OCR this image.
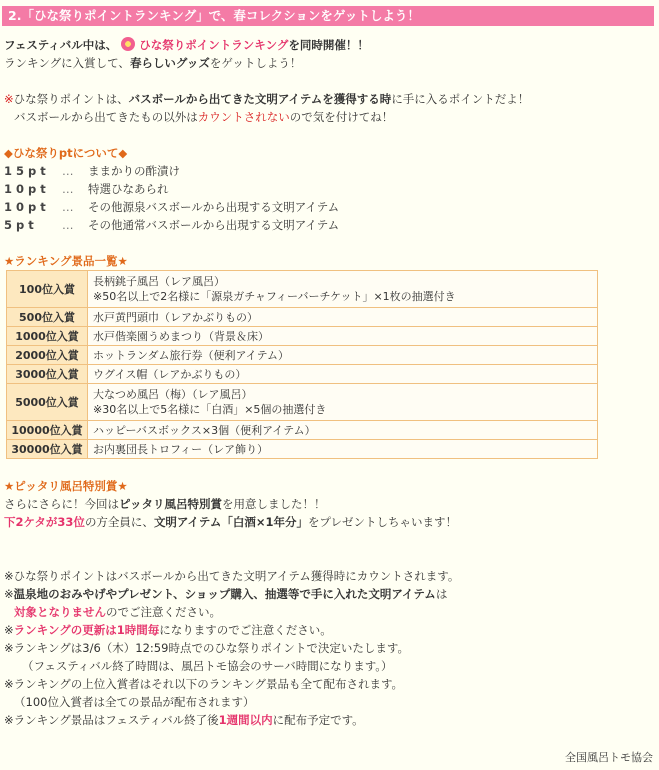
2.「ひな祭りポイントランキング」で、春コレクションをゲットしよう！
フェスティバル中は、 ひな祭りポイントランキングを同時開催！！
ランキングに入賞して、春らしいグッズをゲットしよう！
※ひな祭りポイントは、バスボールから出てきた文明アイテムを獲得する時に手に入るポイントだよ！
バスボールから出てきたもの以外はカウントされないので気を付けてね！
◆ひな祭りptについて◆
15pt … ままかりの酢漬け
10pt … 特選ひなあられ
10pt … その他源泉バスボールから出現する文明アイテム
5pt … その他通常バスボールから出現する文明アイテム
★ランキング景品一覧★
100位入賞	長柄銚子風呂（レア風呂）
※50名以上で2名様に「源泉ガチャフィーバーチケット」×1枚の抽選付き

500位入賞	水戸黄門頭巾（レアかぶりもの）

1000位入賞	水戸偕楽園うめまつり（背景＆床）

2000位入賞	ホットランダム旅行券（便利アイテム）

3000位入賞	ウグイス帽（レアかぶりもの）

5000位入賞	大なつめ風呂（梅）（レア風呂）
※30名以上で5名様に「白酒」×5個の抽選付き

10000位入賞	ハッピーバスボックス×3個（便利アイテム）

30000位入賞	お内裏団長トロフィー（レア飾り）
★ピッタリ風呂特別賞★
さらにさらに！今回はピッタリ風呂特別賞を用意しました！！
下2ケタが33位の方全員に、文明アイテム「白酒×1年分」をプレゼントしちゃいます！
※ひな祭りポイントはバスボールから出てきた文明アイテム獲得時にカウントされます。
※温泉地のおみやげやプレゼント、ショップ購入、抽選等で手に入れた文明アイテムは
対象となりませんのでご注意ください。
※ランキングの更新は1時間毎になりますのでご注意ください。
※ランキングは3/6（木）12:59時点でのひな祭りポイントで決定いたします。
（フェスティバル終了時間は、風呂トモ協会のサーバ時間になります。）
※ランキングの上位入賞者はそれ以下のランキング景品も全て配布されます。
（100位入賞者は全ての景品が配布されます）
※ランキング景品はフェスティバル終了後1週間以内に配布予定です。
全国風呂トモ協会
